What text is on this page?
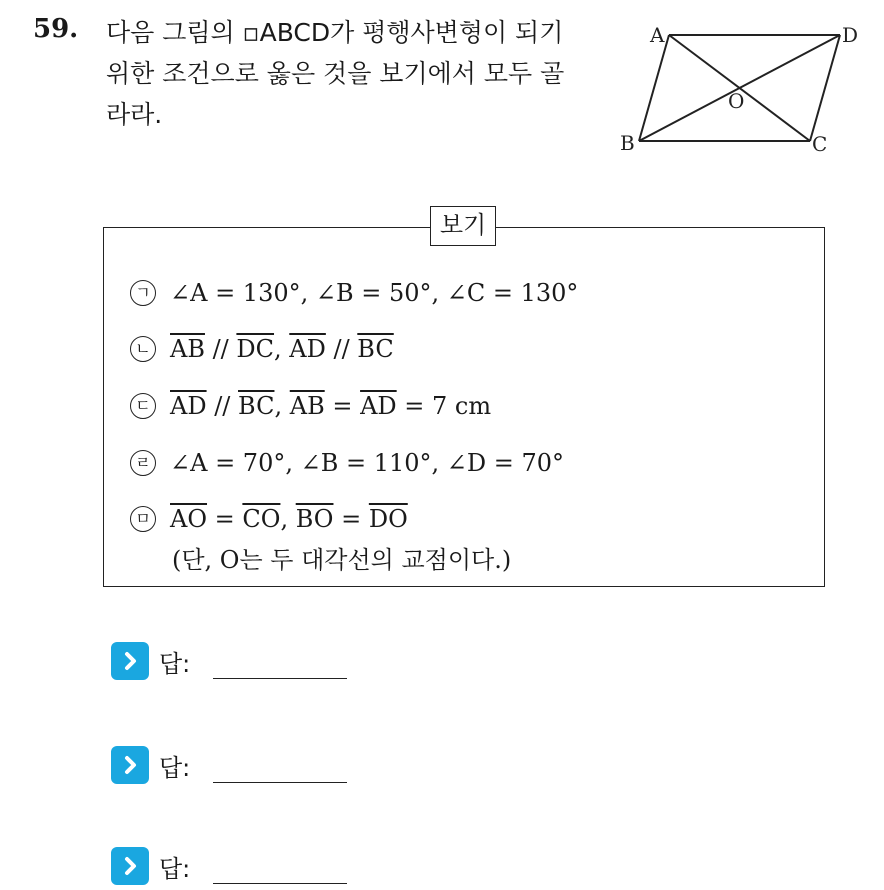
59. 다음 그림의 ▫ABCD가 평행사변형이 되기
위한 조건으로 옳은 것을 보기에서 모두 골
라라.
A	D
O
B	C
보기
ㄱ ∠A = 130°, ∠B = 50°, ∠C = 130°
ㄴ $\overline{AB} // \overline{DC}$ , $\overline{AD} // \overline{BC}$
ㄷ $\overline{AD} // \overline{BC}$ , $\overline{AB} = \overline{AD} = 7$ cm
ㄹ ∠A = 70°, ∠B = 110°, ∠D = 70°
ㅁ $\overline{AO} = \overline{CO}$ , $\overline{BO} = \overline{DO}$
(단, O는 두 대각선의 교점이다.)
답:
답:
답:
